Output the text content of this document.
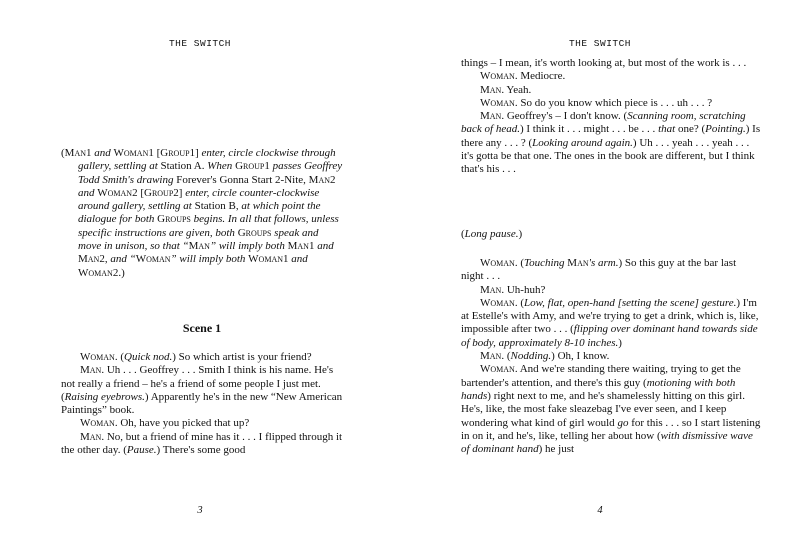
THE SWITCH

(Man1 and Woman1 [Group1] enter, circle clockwise through gallery, settling at Station A. When Group1 passes Geoffrey Todd Smith's drawing Forever's Gonna Start 2-Nite, Man2 and Woman2 [Group2] enter, circle counter-clockwise around gallery, settling at Station B, at which point the dialogue for both Groups begins. In all that follows, unless specific instructions are given, both Groups speak and move in unison, so that “Man” will imply both Man1 and Man2, and “Woman” will imply both Woman1 and Woman2.)

Scene 1

Woman. (Quick nod.) So which artist is your friend?

Man. Uh . . . Geoffrey . . . Smith I think is his name. He's not really a friend – he's a friend of some people I just met. (Raising eyebrows.) Apparently he's in the new “New American Paintings” book.

Woman. Oh, have you picked that up?

Man. No, but a friend of mine has it . . . I flipped through it the other day. (Pause.) There's some good

3
THE SWITCH
4

things – I mean, it's worth looking at, but most of the work is . . .

Woman. Mediocre.

Man. Yeah.

Woman. So do you know which piece is . . . uh . . . ?

Man. Geoffrey's – I don't know. (Scanning room, scratching back of head.) I think it . . . might . . . be . . . that one? (Pointing.) Is there any . . . ? (Looking around again.) Uh . . . yeah . . . yeah . . . it's gotta be that one. The ones in the book are different, but I think that's his . . .

(Long pause.)

Woman. (Touching Man's arm.) So this guy at the bar last night . . .

Man. Uh-huh?

Woman. (Low, flat, open-hand [setting the scene] gesture.) I'm at Estelle's with Amy, and we're trying to get a drink, which is, like, impossible after two . . . (flipping over dominant hand towards side of body, approximately 8-10 inches.)

Man. (Nodding.) Oh, I know.

Woman. And we're standing there waiting, trying to get the bartender's attention, and there's this guy (motioning with both hands) right next to me, and he's shamelessly hitting on this girl. He's, like, the most fake sleazebag I've ever seen, and I keep wondering what kind of girl would go for this . . . so I start listening in on it, and he's, like, telling her about how (with dismissive wave of dominant hand) he just
